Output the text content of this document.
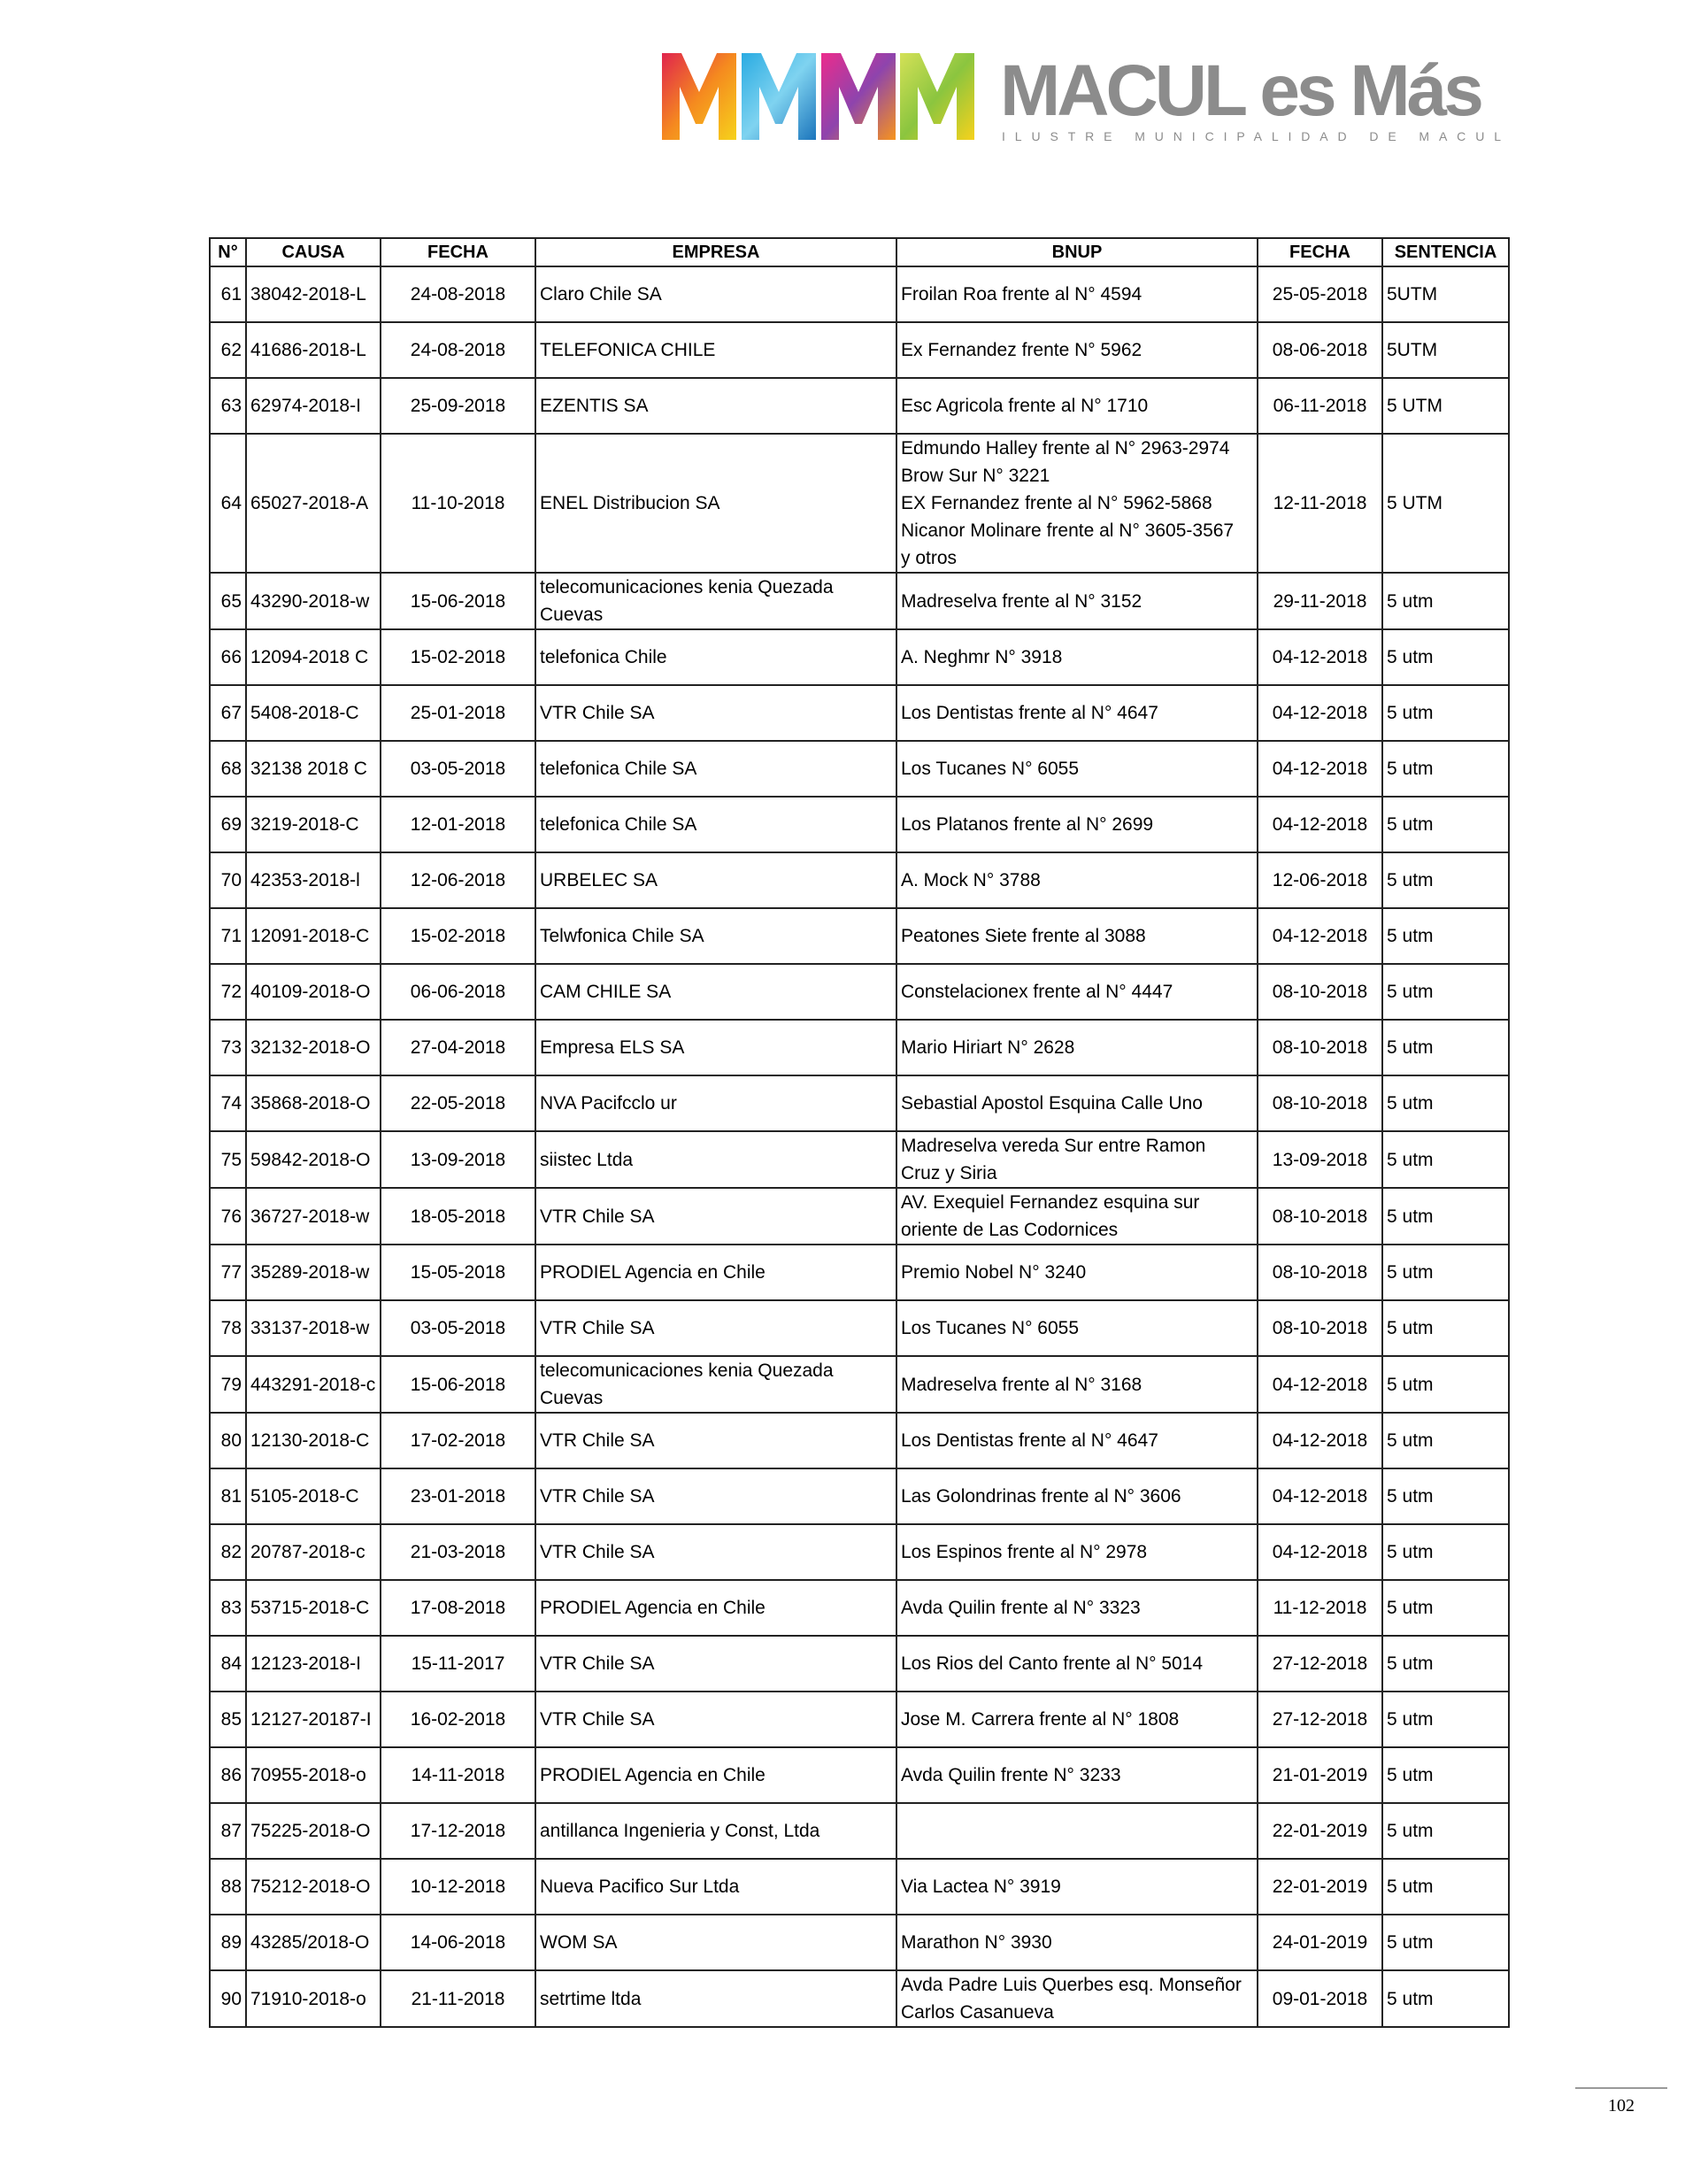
MACUL es Más
ILUSTRE MUNICIPALIDAD DE MACUL
N°	CAUSA	FECHA	EMPRESA	BNUP	FECHA	SENTENCIA
61	38042-2018-L	24-08-2018	Claro Chile SA	Froilan Roa frente al N° 4594	25-05-2018	5UTM
62	41686-2018-L	24-08-2018	TELEFONICA CHILE	Ex Fernandez frente N° 5962	08-06-2018	5UTM
63	62974-2018-I	25-09-2018	EZENTIS SA	Esc Agricola frente al N° 1710	06-11-2018	5 UTM
64	65027-2018-A	11-10-2018	ENEL Distribucion SA	Edmundo Halley frente al N° 2963-2974
Brow Sur N° 3221
EX Fernandez frente al N° 5962-5868
Nicanor Molinare frente al N° 3605-3567
y otros	12-11-2018	5 UTM
65	43290-2018-w	15-06-2018	telecomunicaciones kenia Quezada
Cuevas	Madreselva frente al N° 3152	29-11-2018	5 utm
66	12094-2018 C	15-02-2018	telefonica Chile	A. Neghmr N° 3918	04-12-2018	5 utm
67	5408-2018-C	25-01-2018	VTR Chile SA	Los Dentistas frente al N° 4647	04-12-2018	5 utm
68	32138 2018 C	03-05-2018	telefonica Chile SA	Los Tucanes N° 6055	04-12-2018	5 utm
69	3219-2018-C	12-01-2018	telefonica Chile SA	Los Platanos frente al N° 2699	04-12-2018	5 utm
70	42353-2018-l	12-06-2018	URBELEC SA	A. Mock N° 3788	12-06-2018	5 utm
71	12091-2018-C	15-02-2018	Telwfonica Chile SA	Peatones Siete frente al 3088	04-12-2018	5 utm
72	40109-2018-O	06-06-2018	CAM CHILE SA	Constelacionex frente al N° 4447	08-10-2018	5 utm
73	32132-2018-O	27-04-2018	Empresa ELS SA	Mario Hiriart N° 2628	08-10-2018	5 utm
74	35868-2018-O	22-05-2018	NVA Pacifcclo ur	Sebastial Apostol Esquina Calle Uno	08-10-2018	5 utm
75	59842-2018-O	13-09-2018	siistec Ltda	Madreselva vereda Sur entre Ramon
Cruz y Siria	13-09-2018	5 utm
76	36727-2018-w	18-05-2018	VTR Chile SA	AV. Exequiel Fernandez esquina sur
oriente de Las Codornices	08-10-2018	5 utm
77	35289-2018-w	15-05-2018	PRODIEL Agencia en Chile	Premio Nobel N° 3240	08-10-2018	5 utm
78	33137-2018-w	03-05-2018	VTR Chile SA	Los Tucanes N° 6055	08-10-2018	5 utm
79	443291-2018-c	15-06-2018	telecomunicaciones kenia Quezada
Cuevas	Madreselva frente al N° 3168	04-12-2018	5 utm
80	12130-2018-C	17-02-2018	VTR Chile SA	Los Dentistas frente al N° 4647	04-12-2018	5 utm
81	5105-2018-C	23-01-2018	VTR Chile SA	Las Golondrinas frente al N° 3606	04-12-2018	5 utm
82	20787-2018-c	21-03-2018	VTR Chile SA	Los Espinos frente al N° 2978	04-12-2018	5 utm
83	53715-2018-C	17-08-2018	PRODIEL Agencia en Chile	Avda Quilin frente al N° 3323	11-12-2018	5 utm
84	12123-2018-I	15-11-2017	VTR Chile SA	Los Rios del Canto frente al N° 5014	27-12-2018	5 utm
85	12127-20187-I	16-02-2018	VTR Chile SA	Jose M. Carrera frente al N° 1808	27-12-2018	5 utm
86	70955-2018-o	14-11-2018	PRODIEL Agencia en Chile	Avda Quilin frente N° 3233	21-01-2019	5 utm
87	75225-2018-O	17-12-2018	antillanca Ingenieria y Const, Ltda		22-01-2019	5 utm
88	75212-2018-O	10-12-2018	Nueva Pacifico Sur Ltda	Via Lactea N° 3919	22-01-2019	5 utm
89	43285/2018-O	14-06-2018	WOM SA	Marathon N° 3930	24-01-2019	5 utm
90	71910-2018-o	21-11-2018	setrtime ltda	Avda Padre Luis Querbes esq. Monseñor
Carlos Casanueva	09-01-2018	5 utm
102
